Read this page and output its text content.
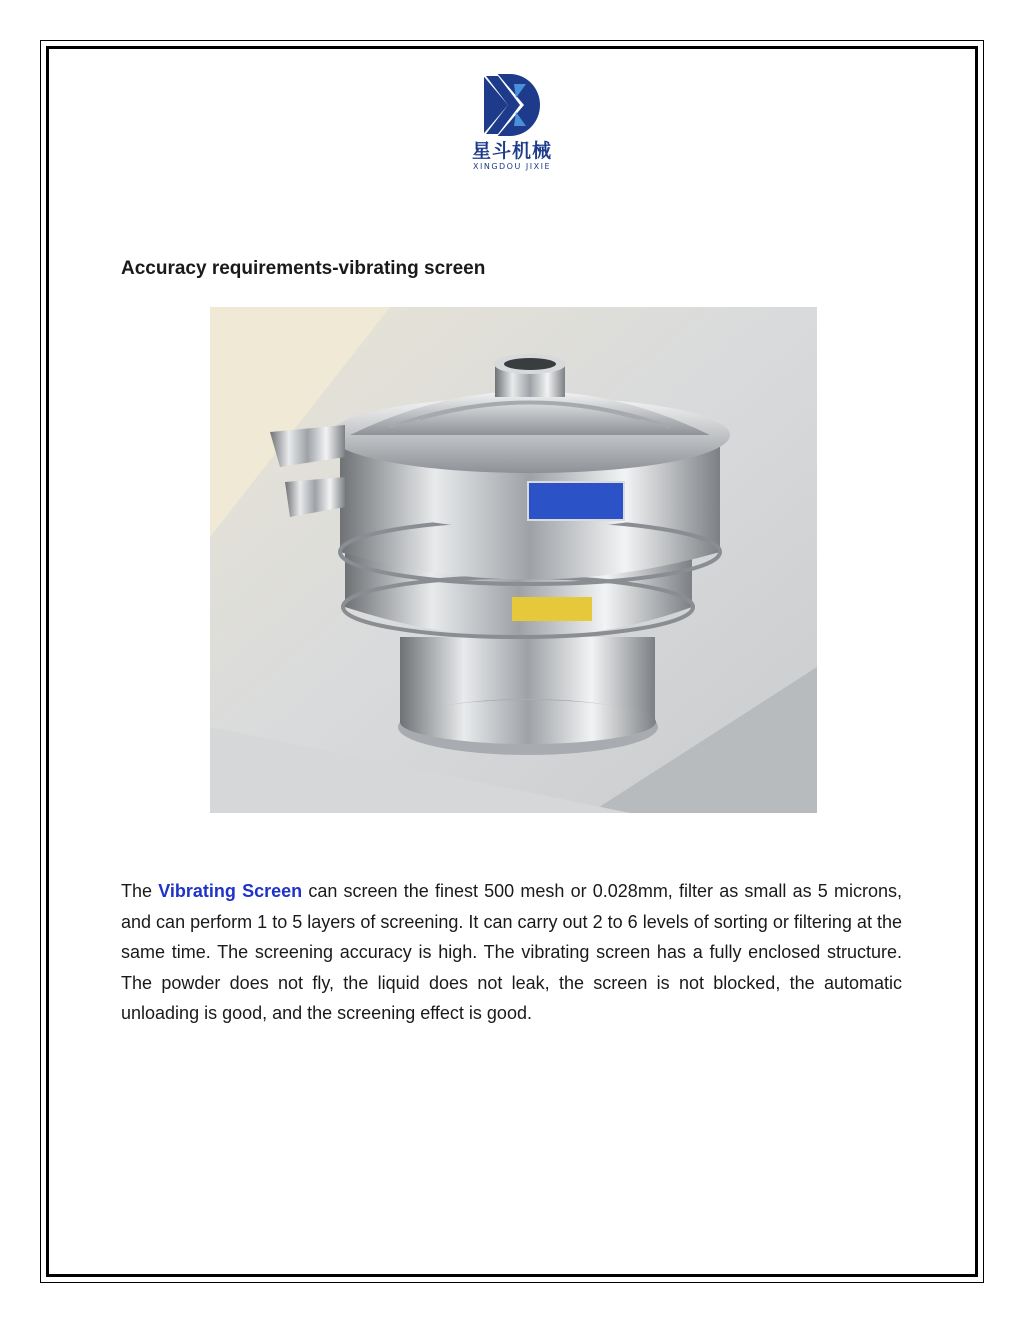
星斗机械
XINGDOU JIXIE
Accuracy requirements-vibrating screen
The Vibrating Screen can screen the finest 500 mesh or 0.028mm, filter as small as 5 microns, and can perform 1 to 5 layers of screening. It can carry out 2 to 6 levels of sorting or filtering at the same time. The screening accuracy is high. The vibrating screen has a fully enclosed structure. The powder does not fly, the liquid does not leak, the screen is not blocked, the automatic unloading is good, and the screening effect is good.
